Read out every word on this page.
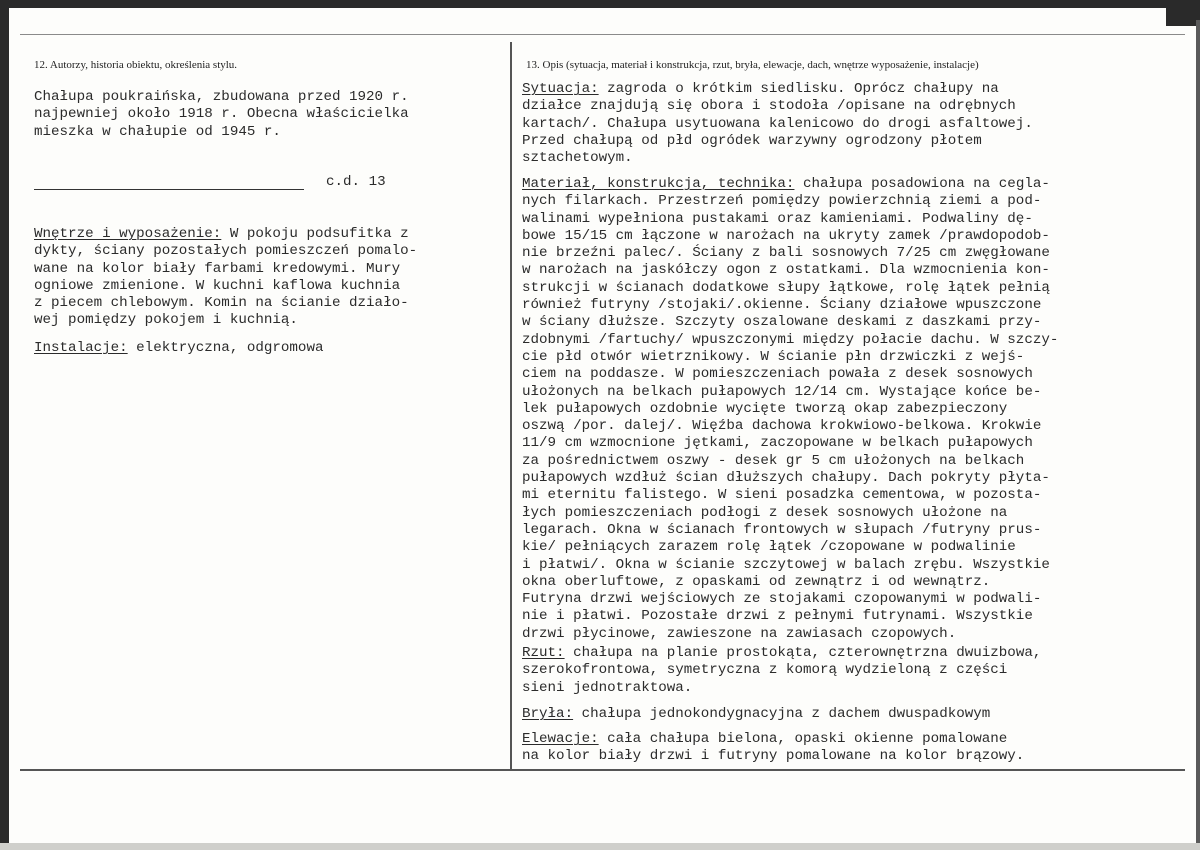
12. Autorzy, historia obiektu, określenia stylu.	13. Opis (sytuacja, materiał i konstrukcja, rzut, bryła, elewacje, dach, wnętrze wyposażenie, instalacje)
Chałupa poukraińska, zbudowana przed 1920 r.
najpewniej około 1918 r. Obecna właścicielka
mieszka w chałupie od 1945 r.
c.d. 13
Wnętrze i wyposażenie: W pokoju podsufitka z
dykty, ściany pozostałych pomieszczeń pomalo-
wane na kolor biały farbami kredowymi. Mury
ogniowe zmienione. W kuchni kaflowa kuchnia
z piecem chlebowym. Komin na ścianie działo-
wej pomiędzy pokojem i kuchnią.
Instalacje: elektryczna, odgromowa
Sytuacja: zagroda o krótkim siedlisku. Oprócz chałupy na
działce znajdują się obora i stodoła /opisane na odrębnych
kartach/. Chałupa usytuowana kalenicowo do drogi asfaltowej.
Przed chałupą od płd ogródek warzywny ogrodzony płotem
sztachetowym.
Materiał, konstrukcja, technika: chałupa posadowiona na cegla-
nych filarkach. Przestrzeń pomiędzy powierzchnią ziemi a pod-
walinami wypełniona pustakami oraz kamieniami. Podwaliny dę-
bowe 15/15 cm łączone w narożach na ukryty zamek /prawdopodob-
nie brzeźni palec/. Ściany z bali sosnowych 7/25 cm zwęgłowane
w narożach na jaskółczy ogon z ostatkami. Dla wzmocnienia kon-
strukcji w ścianach dodatkowe słupy łątkowe, rolę łątek pełnią
również futryny /stojaki/.okienne. Ściany działowe wpuszczone
w ściany dłuższe. Szczyty oszalowane deskami z daszkami przy-
zdobnymi /fartuchy/ wpuszczonymi między połacie dachu. W szczy-
cie płd otwór wietrznikowy. W ścianie płn drzwiczki z wejś-
ciem na poddasze. W pomieszczeniach powała z desek sosnowych
ułożonych na belkach pułapowych 12/14 cm. Wystające końce be-
lek pułapowych ozdobnie wycięte tworzą okap zabezpieczony
oszwą /por. dalej/. Więźba dachowa krokwiowo-belkowa. Krokwie
11/9 cm wzmocnione jętkami, zaczopowane w belkach pułapowych
za pośrednictwem oszwy - desek gr 5 cm ułożonych na belkach
pułapowych wzdłuż ścian dłuższych chałupy. Dach pokryty płyta-
mi eternitu falistego. W sieni posadzka cementowa, w pozosta-
łych pomieszczeniach podłogi z desek sosnowych ułożone na
legarach. Okna w ścianach frontowych w słupach /futryny prus-
kie/ pełniących zarazem rolę łątek /czopowane w podwalinie
i płatwi/. Okna w ścianie szczytowej w balach zrębu. Wszystkie
okna oberluftowe, z opaskami od zewnątrz i od wewnątrz.
Futryna drzwi wejściowych ze stojakami czopowanymi w podwali-
nie i płatwi. Pozostałe drzwi z pełnymi futrynami. Wszystkie
drzwi płycinowe, zawieszone na zawiasach czopowych.
Rzut: chałupa na planie prostokąta, czterownętrzna dwuizbowa,
szerokofrontowa, symetryczna z komorą wydzieloną z części
sieni jednotraktowa.
Bryła: chałupa jednokondygnacyjna z dachem dwuspadkowym
Elewacje: cała chałupa bielona, opaski okienne pomalowane
na kolor biały drzwi i futryny pomalowane na kolor brązowy.
